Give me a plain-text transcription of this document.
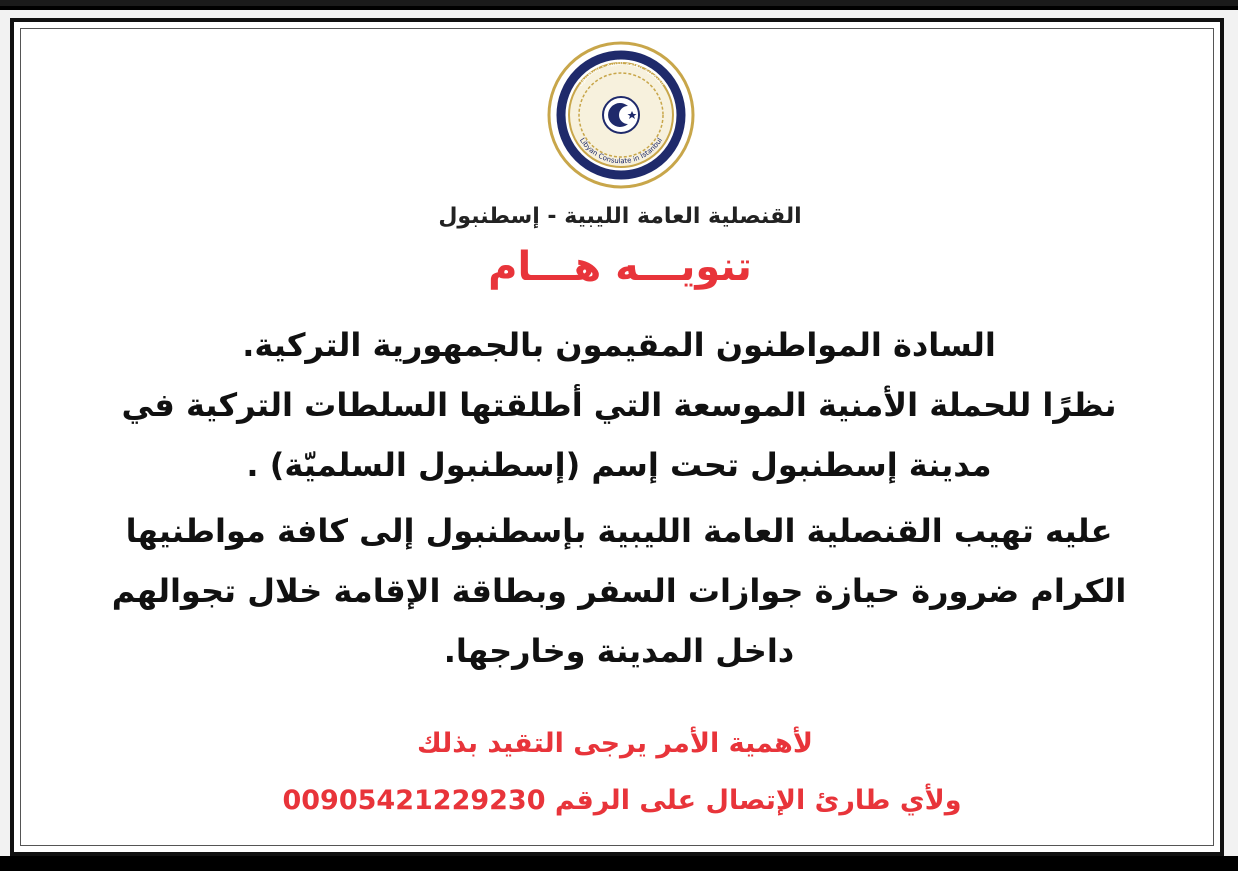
القنصلية العامة الليبية - إسطنبول
Libyan Consulate in Istanbul
القنصلية العامة الليبية - إسطنبول
تنويـــه هـــام
السادة المواطنون المقيمون بالجمهورية التركية.
نظرًا للحملة الأمنية الموسعة التي أطلقتها السلطات التركية في
مدينة إسطنبول تحت إسم (إسطنبول السلميّة) .
عليه تهيب القنصلية العامة الليبية بإسطنبول إلى كافة مواطنيها
الكرام ضرورة حيازة جوازات السفر وبطاقة الإقامة خلال تجوالهم
داخل المدينة وخارجها.
لأهمية الأمر يرجى التقيد بذلك
ولأي طارئ الإتصال على الرقم 00905421229230
